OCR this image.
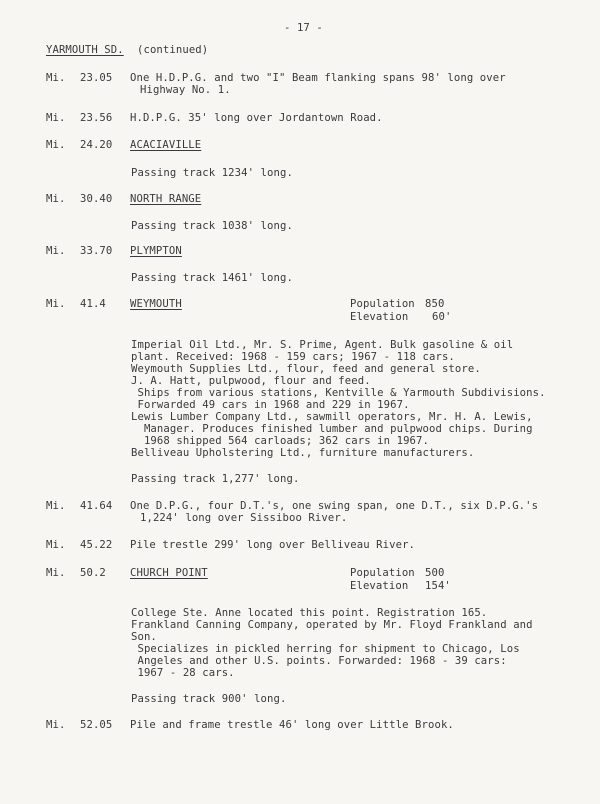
- 17 -
YARMOUTH SD. (continued)
Mi. 23.05 One H.D.P.G. and two "I" Beam flanking spans 98' long over
Highway No. 1.
Mi. 23.56 H.D.P.G. 35' long over Jordantown Road.
Mi. 24.20 ACACIAVILLE
Passing track 1234' long.
Mi. 30.40 NORTH RANGE
Passing track 1038' long.
Mi. 33.70 PLYMPTON
Passing track 1461' long.
Mi. 41.4 WEYMOUTH	Population 850
Elevation 60'
Imperial Oil Ltd., Mr. S. Prime, Agent. Bulk gasoline & oil
plant. Received: 1968 - 159 cars; 1967 - 118 cars.
Weymouth Supplies Ltd., flour, feed and general store.
J. A. Hatt, pulpwood, flour and feed.
Ships from various stations, Kentville & Yarmouth Subdivisions.
Forwarded 49 cars in 1968 and 229 in 1967.
Lewis Lumber Company Ltd., sawmill operators, Mr. H. A. Lewis,
Manager. Produces finished lumber and pulpwood chips. During
1968 shipped 564 carloads; 362 cars in 1967.
Belliveau Upholstering Ltd., furniture manufacturers.
Passing track 1,277' long.
Mi. 41.64 One D.P.G., four D.T.'s, one swing span, one D.T., six D.P.G.'s
1,224' long over Sissiboo River.
Mi. 45.22 Pile trestle 299' long over Belliveau River.
Mi. 50.2 CHURCH POINT	Population 500
Elevation 154'
College Ste. Anne located this point. Registration 165.
Frankland Canning Company, operated by Mr. Floyd Frankland and
Son.
Specializes in pickled herring for shipment to Chicago, Los
Angeles and other U.S. points. Forwarded: 1968 - 39 cars:
1967 - 28 cars.
Passing track 900' long.
Mi. 52.05 Pile and frame trestle 46' long over Little Brook.
